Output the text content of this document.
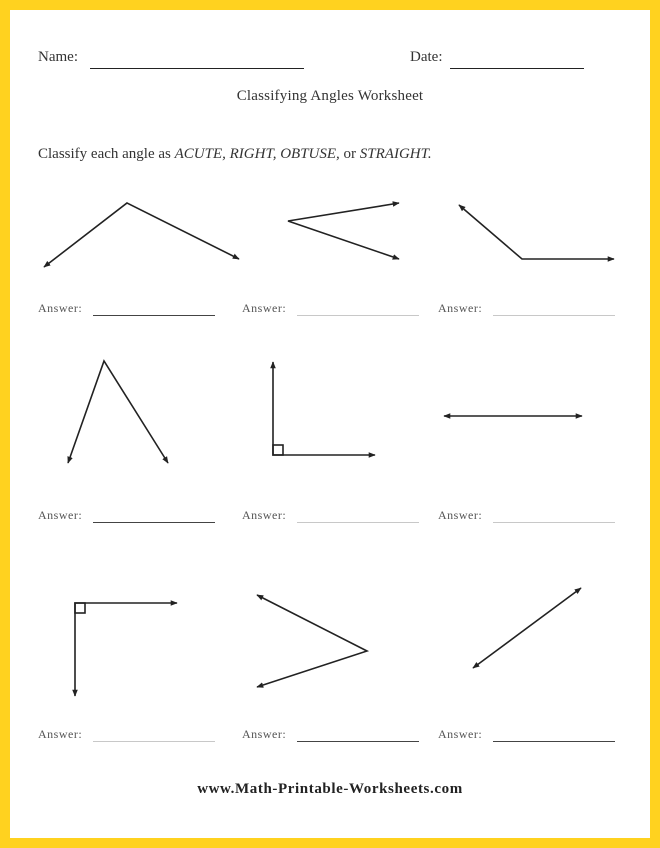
Name:	Date:
Classifying Angles Worksheet
Classify each angle as ACUTE, RIGHT, OBTUSE, or STRAIGHT.
Answer:	Answer:	Answer:
Answer:	Answer:	Answer:
Answer:	Answer:	Answer:
www.Math-Printable-Worksheets.com
